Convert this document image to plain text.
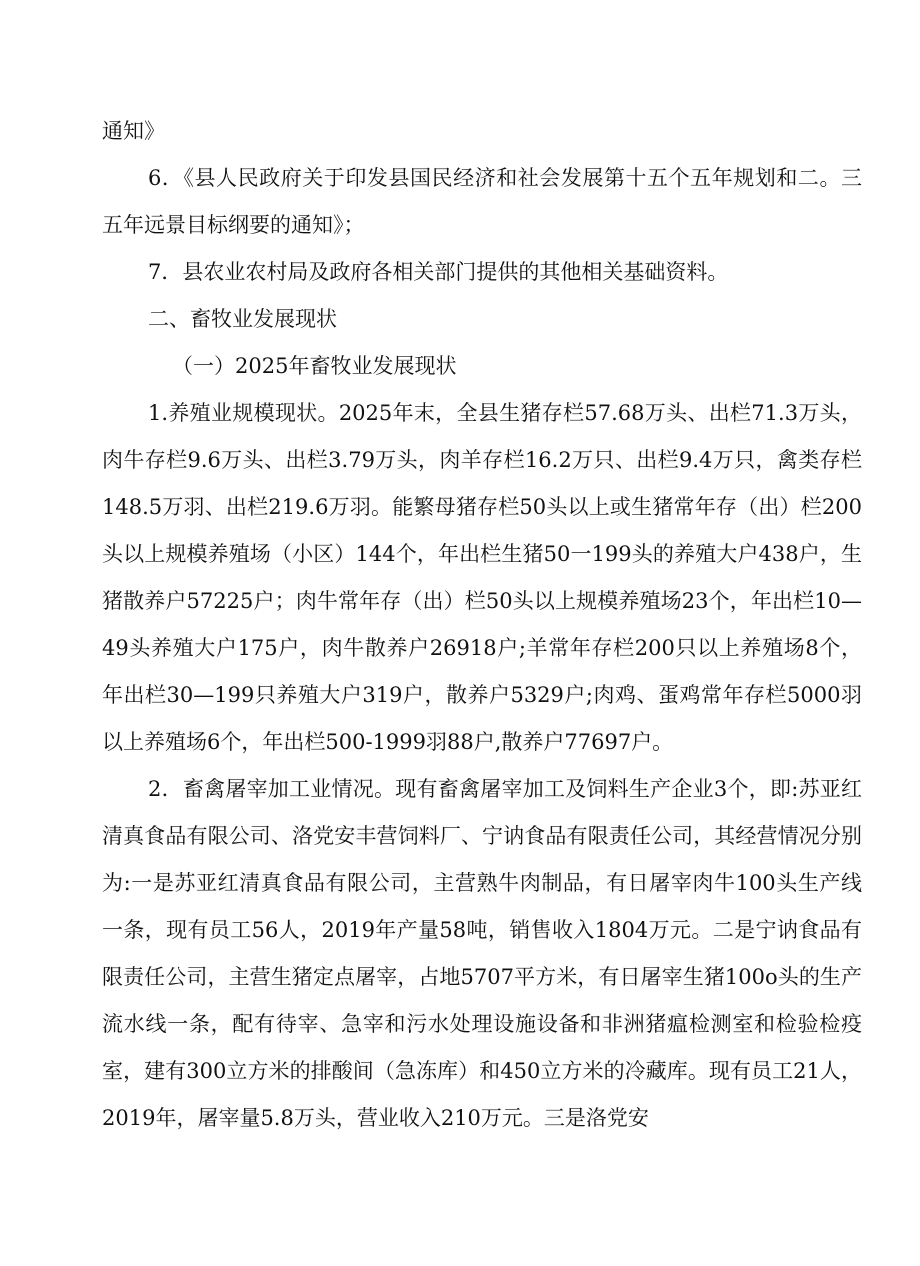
通知》

6．《县人民政府关于印发县国民经济和社会发展第十五个五年规划和二。三五年远景目标纲要的通知》；

7．县农业农村局及政府各相关部门提供的其他相关基础资料。

二、畜牧业发展现状

（一）2025年畜牧业发展现状

1.养殖业规模现状。2025年末，全县生猪存栏57.68万头、出栏71.3万头，肉牛存栏9.6万头、出栏3.79万头，肉羊存栏16.2万只、出栏9.4万只，禽类存栏148.5万羽、出栏219.6万羽。能繁母猪存栏50头以上或生猪常年存（出）栏200头以上规模养殖场（小区）144个，年出栏生猪50一199头的养殖大户438户，生猪散养户57225户；肉牛常年存（出）栏50头以上规模养殖场23个，年出栏10—49头养殖大户175户，肉牛散养户26918户;羊常年存栏200只以上养殖场8个，年出栏30—199只养殖大户319户，散养户5329户;肉鸡、蛋鸡常年存栏5000羽以上养殖场6个，年出栏500-1999羽88户,散养户77697户。

2．畜禽屠宰加工业情况。现有畜禽屠宰加工及饲料生产企业3个，即:苏亚红清真食品有限公司、洛党安丰营饲料厂、宁讷食品有限责任公司，其经营情况分别为:一是苏亚红清真食品有限公司，主营熟牛肉制品，有日屠宰肉牛100头生产线一条，现有员工56人，2019年产量58吨，销售收入1804万元。二是宁讷食品有限责任公司，主营生猪定点屠宰，占地5707平方米，有日屠宰生猪100o头的生产流水线一条，配有待宰、急宰和污水处理设施设备和非洲猪瘟检测室和检验检疫室，建有300立方米的排酸间（急冻库）和450立方米的冷藏库。现有员工21人，2019年，屠宰量5.8万头，营业收入210万元。三是洛党安
